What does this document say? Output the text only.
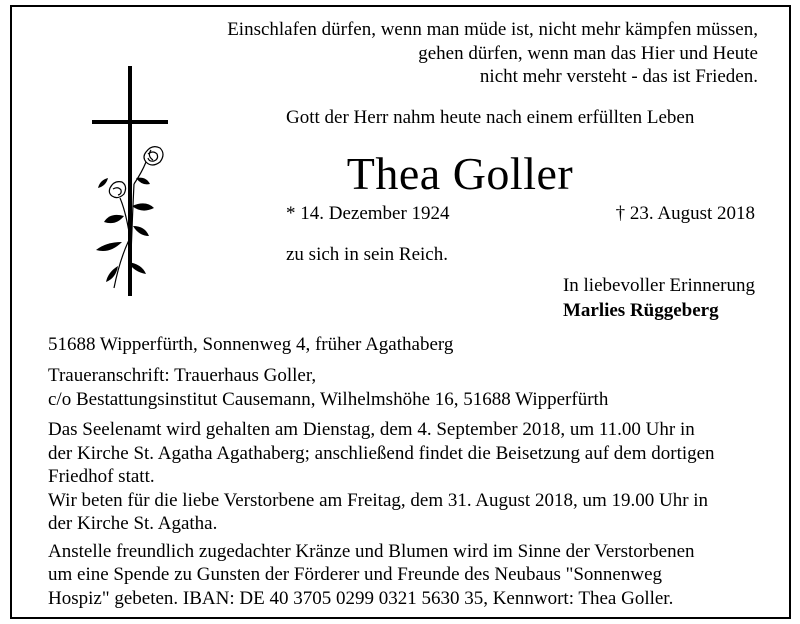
Einschlafen dürfen, wenn man müde ist, nicht mehr kämpfen müssen,
gehen dürfen, wenn man das Hier und Heute
nicht mehr versteht - das ist Frieden.
Gott der Herr nahm heute nach einem erfüllten Leben
Thea Goller
* 14. Dezember 1924	† 23. August 2018
zu sich in sein Reich.
In liebevoller Erinnerung
Marlies Rüggeberg
51688 Wipperfürth, Sonnenweg 4, früher Agathaberg
Traueranschrift: Trauerhaus Goller,
c/o Bestattungsinstitut Causemann, Wilhelmshöhe 16, 51688 Wipperfürth
Das Seelenamt wird gehalten am Dienstag, dem 4. September 2018, um 11.00 Uhr in
der Kirche St. Agatha Agathaberg; anschließend findet die Beisetzung auf dem dortigen
Friedhof statt.
Wir beten für die liebe Verstorbene am Freitag, dem 31. August 2018, um 19.00 Uhr in
der Kirche St. Agatha.
Anstelle freundlich zugedachter Kränze und Blumen wird im Sinne der Verstorbenen
um eine Spende zu Gunsten der Förderer und Freunde des Neubaus "Sonnenweg
Hospiz" gebeten. IBAN: DE 40 3705 0299 0321 5630 35, Kennwort: Thea Goller.
